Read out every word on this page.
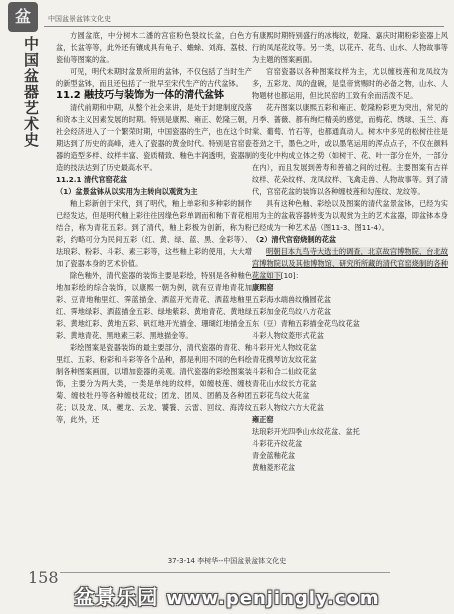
盆
中国盆器艺术史
中国盆景盆钵文化史

方圆盆底，中分树木二潘的宫宦粉色裂纹长盆，白色方盆，长盆等等，此外还有镶成具有龟子、蟾蜍、刘海、荔枝、瓷仙等图案的盆。

可见，明代未期时盆景所用的盆钵，不仅包括了当时生产的新型盆钵，而且还包括了一批早至宋代生产的古代盆钵。

11.2 融技巧与装饰为一体的清代盆钵

清代前期和中期，从整个社会来讲，是处于封建制度没落和资本主义因素发展的时期。特别是康熙、雍正、乾隆三朝，社会经济进入了一个繁荣时期，中国瓷器的生产，也在这个时期达到了历史的高峰，进入了瓷器的黄金时代。特别是官窑瓷器的造型多样、纹样丰富、瓷质精致、釉色丰润透明，瓷器制造的技法达到了历史最高水平。

11.2.1 清代官窑花盆

（1）盆景盆钵从以实用为主转向以观赏为主

釉上彩新创于宋代，到了明代，釉上单彩和多种彩的制作已经发达，但是明代釉上彩往往因缘色彩单调而和釉下青花相结合，称为青花五彩。到了清代，釉上彩极为创新，称为粉彩，约略可分为民间五彩（红、黄、绿、蓝、黑、金彩等）、珐琅彩、粉彩、斗彩、素三彩等，这些釉上彩的使用，大大增加了瓷器本身的艺术价值。

除色釉外，清代瓷器的装饰主要是彩绘，特别是各种釉色地加彩绘的综合装饰，以康熙一朝为例，就有豆青地青花加彩、豆青地釉里红、霁蓝描金、洒蓝开光青花、洒蓝地釉里红、霁地绿彩、洒蓝描金五彩、绿地紫彩、黄地青花、黄地绿彩、黄地红彩、黄地五彩、矾红地开光描金、珊瑚红地描金五彩、黄地青花、黑地素三彩、黑地描金等。

彩绘图案是瓷器装饰的最主要部分，清代瓷器的青花、釉里红、五彩、粉彩和斗彩等各个品种，都是利用不同的色料绘制各种图案画面，以增加瓷器的美观。清代瓷器的彩绘图案装饰，主要分为两大类，一类是单纯的纹样，如缠枝莲、缠枝菊、缠枝牡丹等各种缠枝花纹；团龙、团凤、团鹤及各种团花；以及龙、凤、夔龙、云龙、饕餮、云雷、回纹、海涛纹等，此外，还

有康熙时期特别盛行的冰梅纹，乾隆、嘉庆时期粉彩瓷器上风行的凤尾花纹等。另一类，以花卉、花鸟、山水、人物故事等为主题的图案画面。

官窑瓷器以各种图案纹样为主，尤以缠枝莲和龙凤纹为多，五彩龙、凤的盘碗，是皇帝赏赐时的必备之物，山水、人物题材也都运用，但比民窑的工致有余而活泼不足。

花卉图案以康熙五彩和雍正、乾隆粉彩更为突出，常见的月季、蔷薇、都有绚烂精美的感觉，而梅花、绣球、玉兰、海棠、葡萄、竹石等，也都通真动人。树木中多见的松树往往是苍劲之干，墨色之叶，或以墨笔运用的浑点点子，不仅在颜料的变化中构成立体之势（如树干、花、叶一部分在外，一部分在内），而且发展到善寿和善禧之间的过程。主要图案有古祥纹样、花朵纹样、龙凤纹样、飞禽走兽、人物故事等。到了清代，官窑花盆的装饰以各种缠枝莲和勾莲纹、龙纹等。

具有这种色釉、彩绘以及图案的清代盆景盆钵，已经为实用为主的盆栽容器转变为以观赏为主的艺术盆器，即盆钵本身已经成为一种艺术品（图11-3、图11-4）。

（2）清代官窑烧制的花盆

明朝目本九鸟寺大选士的调查，北京故宫博物院、台北故宫博物院以及其他博物馆、研究所所藏的清代官窑烧制的各种花盆如下[10]：

康熙窑

五彩海水端兽纹椭圆花盆

五彩加金花鸟纹八方花盆

东（豆）青釉五彩描金花鸟纹花盆

斗彩人物纹菱形式花盆

斗彩开光人物纹花盆

青花携琴访友纹花盆

斗彩和合二仙纹花盆

青花山水纹长方花盆

五彩花鸟纹大花盆

五彩人物纹六方大花盆

雍正窑

珐琅彩开光四季山水纹花盆、盆托

斗彩花卉纹花盆

青金蓝釉花盆

黄釉菱形花盆

37-3-14 李树华--中国盆景盆钵文化史
158
盆景乐园 www.penjingly.com
